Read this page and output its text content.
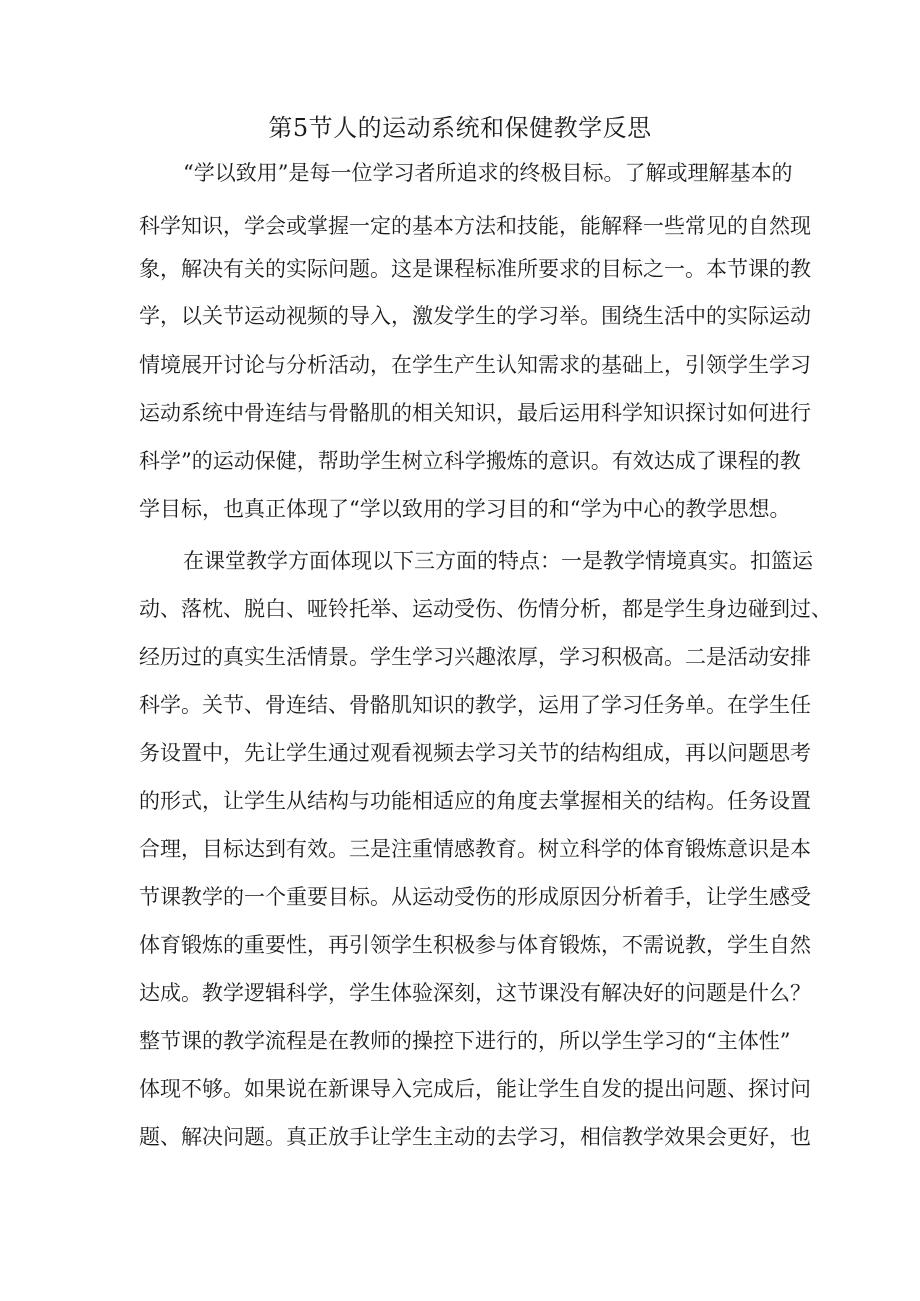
第5节人的运动系统和保健教学反思
“学以致用”是每一位学习者所追求的终极目标。了解或理解基本的
科学知识，学会或掌握一定的基本方法和技能，能解释一些常见的自然现
象，解决有关的实际问题。这是课程标准所要求的目标之一。本节课的教
学，以关节运动视频的导入，激发学生的学习举。围绕生活中的实际运动
情境展开讨论与分析活动，在学生产生认知需求的基础上，引领学生学习
运动系统中骨连结与骨骼肌的相关知识，最后运用科学知识探讨如何进行
科学”的运动保健，帮助学生树立科学搬炼的意识。有效达成了课程的教
学目标，也真正体现了“学以致用的学习目的和“学为中心的教学思想。
在课堂教学方面体现以下三方面的特点：一是教学情境真实。扣篮运
动、落枕、脱白、哑铃托举、运动受伤、伤情分析，都是学生身边碰到过、
经历过的真实生活情景。学生学习兴趣浓厚，学习积极高。二是活动安排
科学。关节、骨连结、骨骼肌知识的教学，运用了学习任务单。在学生任
务设置中，先让学生通过观看视频去学习关节的结构组成，再以问题思考
的形式，让学生从结构与功能相适应的角度去掌握相关的结构。任务设置
合理，目标达到有效。三是注重情感教育。树立科学的体育锻炼意识是本
节课教学的一个重要目标。从运动受伤的形成原因分析着手，让学生感受
体育锻炼的重要性，再引领学生积极参与体育锻炼，不需说教，学生自然
达成。教学逻辑科学，学生体验深刻，这节课没有解决好的问题是什么？
整节课的教学流程是在教师的操控下进行的，所以学生学习的“主体性”
体现不够。如果说在新课导入完成后，能让学生自发的提出问题、探讨问
题、解决问题。真正放手让学生主动的去学习，相信教学效果会更好，也
